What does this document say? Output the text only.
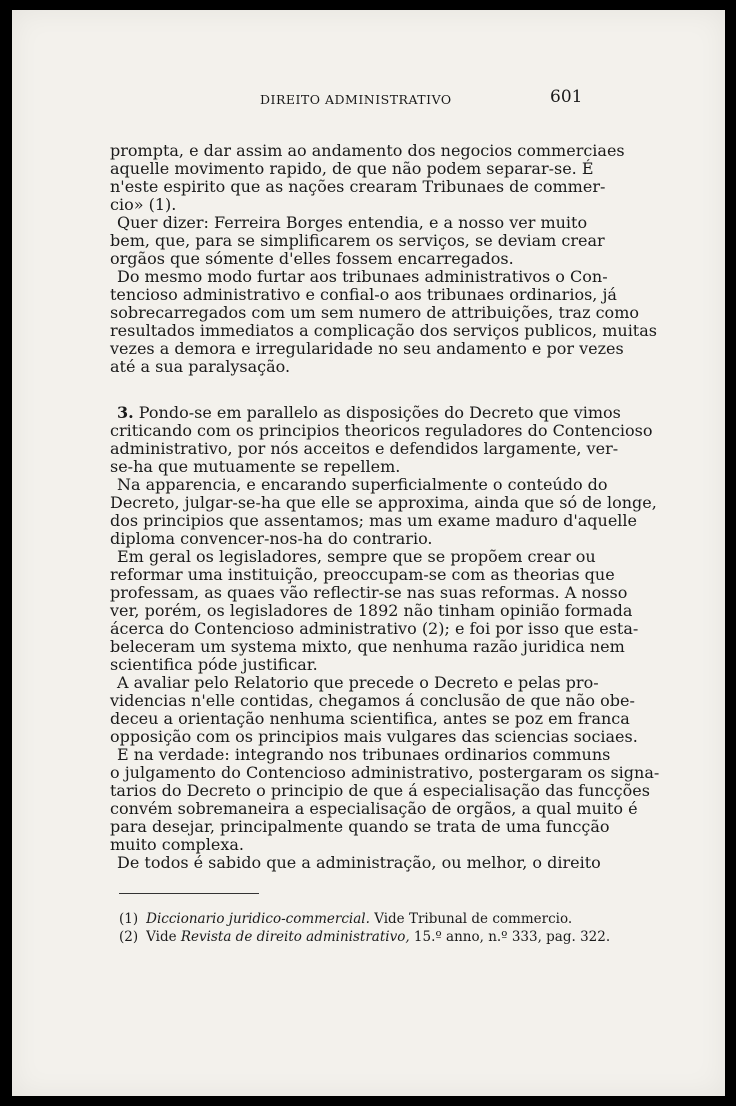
DIREITO ADMINISTRATIVO	601
prompta, e dar assim ao andamento dos negocios commerciaes
aquelle movimento rapido, de que não podem separar-se. É
n'este espirito que as nações crearam Tribunaes de commer-
cio» (1).
Quer dizer: Ferreira Borges entendia, e a nosso ver muito
bem, que, para se simplificarem os serviços, se deviam crear
orgãos que sómente d'elles fossem encarregados.
Do mesmo modo furtar aos tribunaes administrativos o Con-
tencioso administrativo e confial-o aos tribunaes ordinarios, já
sobrecarregados com um sem numero de attribuições, traz como
resultados immediatos a complicação dos serviços publicos, muitas
vezes a demora e irregularidade no seu andamento e por vezes
até a sua paralysação.
3. Pondo-se em parallelo as disposições do Decreto que vimos
criticando com os principios theoricos reguladores do Contencioso
administrativo, por nós acceitos e defendidos largamente, ver-
se-ha que mutuamente se repellem.
Na apparencia, e encarando superficialmente o conteúdo do
Decreto, julgar-se-ha que elle se approxima, ainda que só de longe,
dos principios que assentamos; mas um exame maduro d'aquelle
diploma convencer-nos-ha do contrario.
Em geral os legisladores, sempre que se propõem crear ou
reformar uma instituição, preoccupam-se com as theorias que
professam, as quaes vão reflectir-se nas suas reformas. A nosso
ver, porém, os legisladores de 1892 não tinham opinião formada
ácerca do Contencioso administrativo (2); e foi por isso que esta-
beleceram um systema mixto, que nenhuma razão juridica nem
scientifica póde justificar.
A avaliar pelo Relatorio que precede o Decreto e pelas pro-
videncias n'elle contidas, chegamos á conclusão de que não obe-
deceu a orientação nenhuma scientifica, antes se poz em franca
opposição com os principios mais vulgares das sciencias sociaes.
E na verdade: integrando nos tribunaes ordinarios communs
o julgamento do Contencioso administrativo, postergaram os signa-
tarios do Decreto o principio de que á especialisação das funcções
convém sobremaneira a especialisação de orgãos, a qual muito é
para desejar, principalmente quando se trata de uma funcção
muito complexa.
De todos é sabido que a administração, ou melhor, o direito
(1) Diccionario juridico-commercial. Vide Tribunal de commercio.
(2) Vide Revista de direito administrativo, 15.º anno, n.º 333, pag. 322.
